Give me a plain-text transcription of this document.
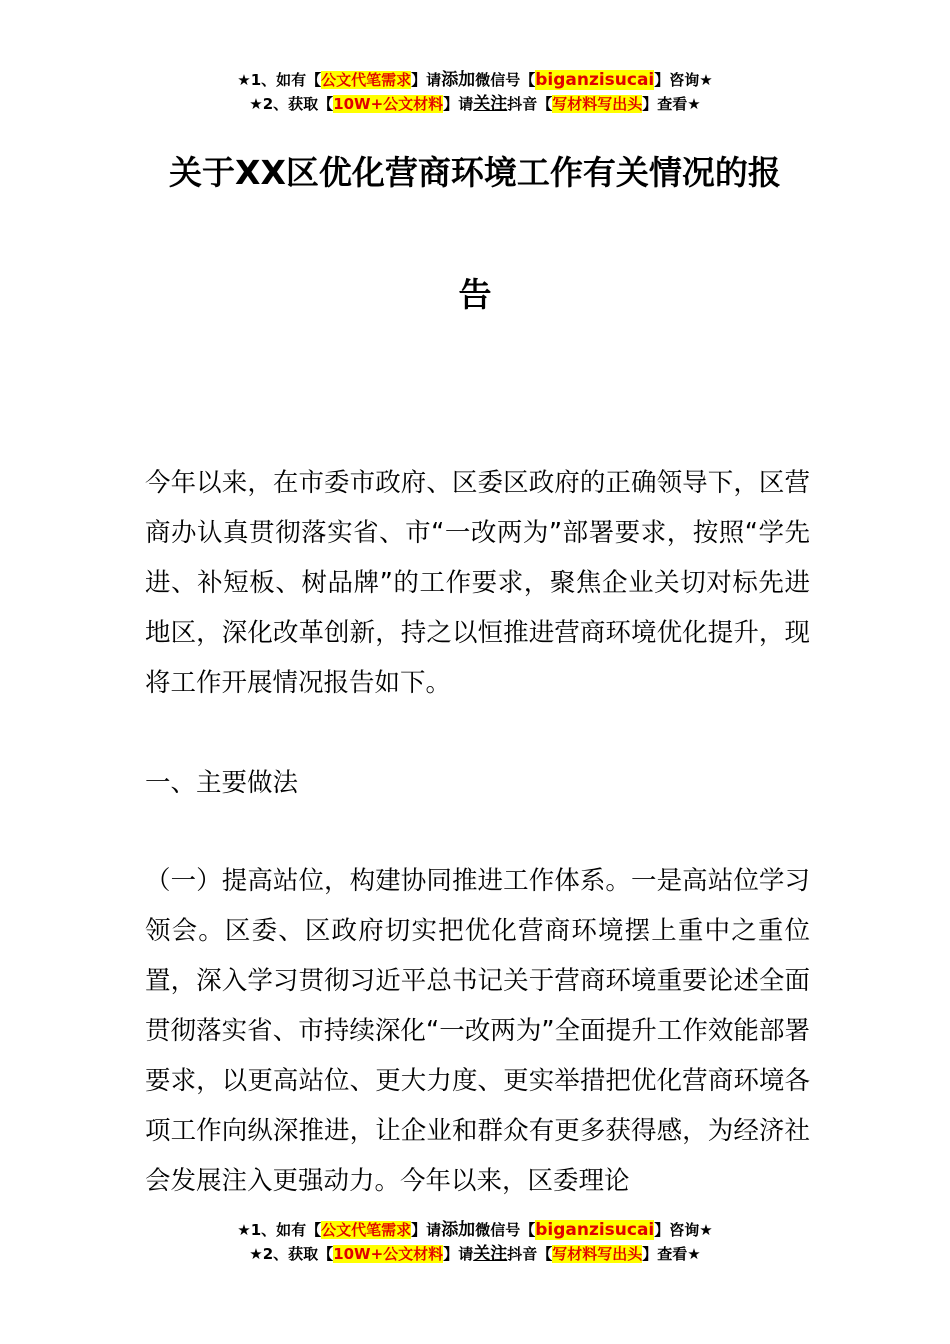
★1、如有【公文代笔需求】请添加微信号【biganzisucai】咨询★
★2、获取【10W+公文材料】请关注抖音【写材料写出头】查看★
关于XX区优化营商环境工作有关情况的报
告

今年以来，在市委市政府、区委区政府的正确领导下，区营商办认真贯彻落实省、市“一改两为”部署要求，按照“学先进、补短板、树品牌”的工作要求，聚焦企业关切对标先进地区，深化改革创新，持之以恒推进营商环境优化提升，现将工作开展情况报告如下。

一、主要做法

（一）提高站位，构建协同推进工作体系。一是高站位学习领会。区委、区政府切实把优化营商环境摆上重中之重位置，深入学习贯彻习近平总书记关于营商环境重要论述全面贯彻落实省、市持续深化“一改两为”全面提升工作效能部署要求，以更高站位、更大力度、更实举措把优化营商环境各项工作向纵深推进，让企业和群众有更多获得感，为经济社会发展注入更强动力。今年以来，区委理论

★1、如有【公文代笔需求】请添加微信号【biganzisucai】咨询★
★2、获取【10W+公文材料】请关注抖音【写材料写出头】查看★
